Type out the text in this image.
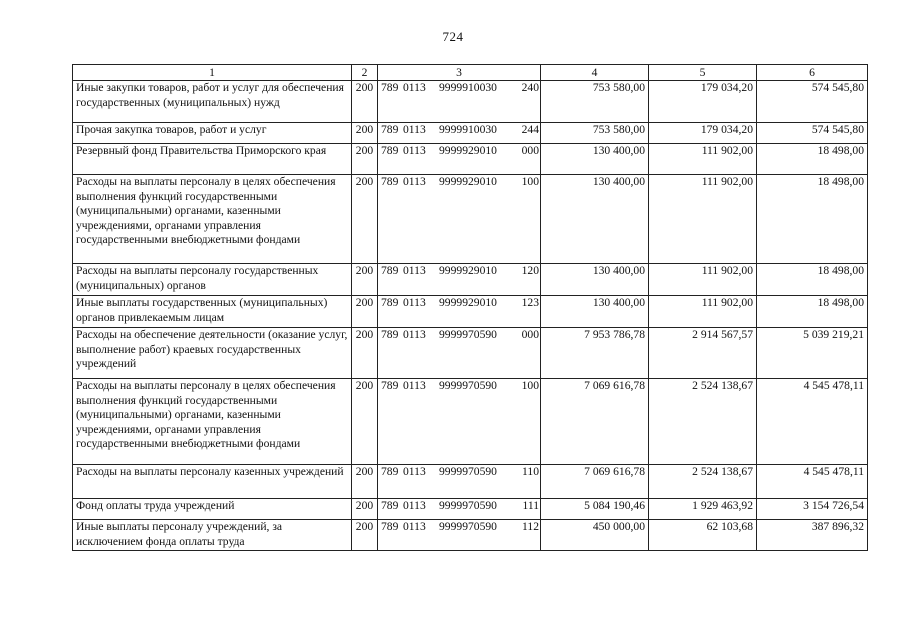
724
1	2	3	4	5	6
Иные закупки товаров, работ и услуг для обеспечения государственных (муниципальных) нужд	200	789 0113 9999910030 240	753 580,00	179 034,20	574 545,80
Прочая закупка товаров, работ и услуг	200	789 0113 9999910030 244	753 580,00	179 034,20	574 545,80
Резервный фонд Правительства Приморского края	200	789 0113 9999929010 000	130 400,00	111 902,00	18 498,00
Расходы на выплаты персоналу в целях обеспечения выполнения функций государственными (муниципальными) органами, казенными учреждениями, органами управления государственными внебюджетными фондами	200	789 0113 9999929010 100	130 400,00	111 902,00	18 498,00
Расходы на выплаты персоналу государственных (муниципальных) органов	200	789 0113 9999929010 120	130 400,00	111 902,00	18 498,00
Иные выплаты государственных (муниципальных) органов привлекаемым лицам	200	789 0113 9999929010 123	130 400,00	111 902,00	18 498,00
Расходы на обеспечение деятельности (оказание услуг, выполнение работ) краевых государственных учреждений	200	789 0113 9999970590 000	7 953 786,78	2 914 567,57	5 039 219,21
Расходы на выплаты персоналу в целях обеспечения выполнения функций государственными (муниципальными) органами, казенными учреждениями, органами управления государственными внебюджетными фондами	200	789 0113 9999970590 100	7 069 616,78	2 524 138,67	4 545 478,11
Расходы на выплаты персоналу казенных учреждений	200	789 0113 9999970590 110	7 069 616,78	2 524 138,67	4 545 478,11
Фонд оплаты труда учреждений	200	789 0113 9999970590 111	5 084 190,46	1 929 463,92	3 154 726,54
Иные выплаты персоналу учреждений, за исключением фонда оплаты труда	200	789 0113 9999970590 112	450 000,00	62 103,68	387 896,32
